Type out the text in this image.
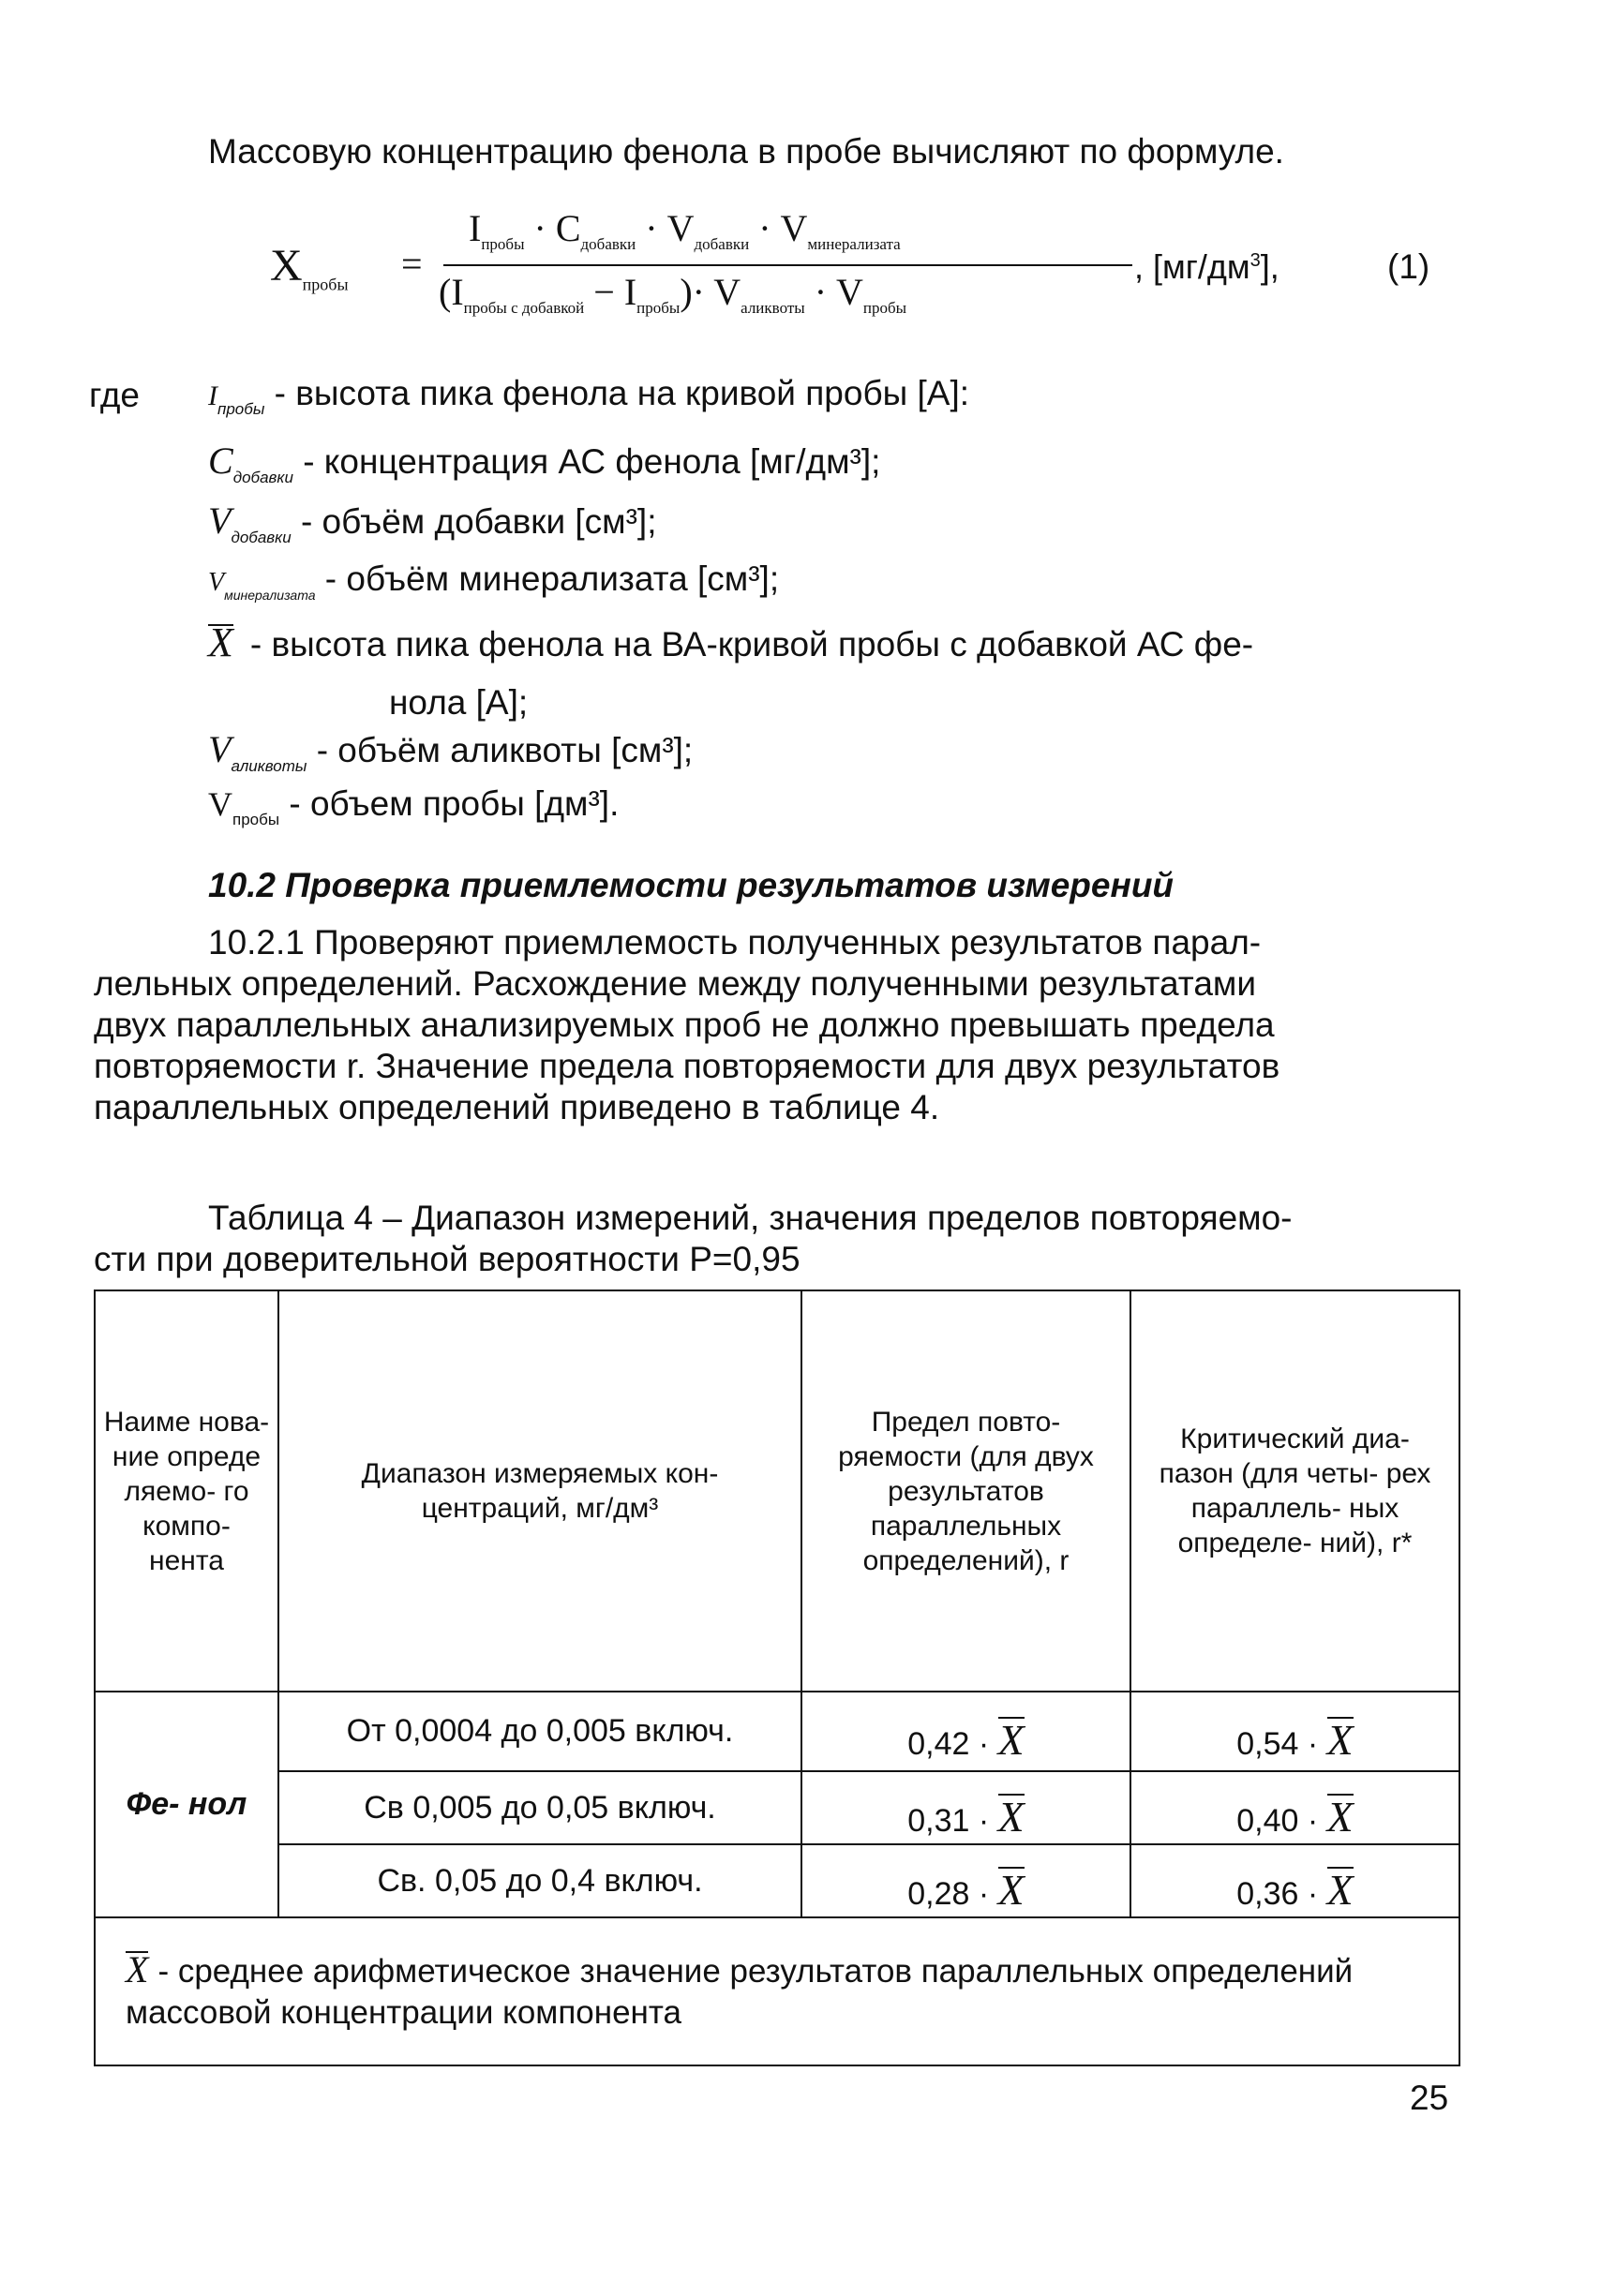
Массовую концентрацию фенола в пробе вычисляют по формуле.
$X_{пробы}$ =
$I_{пробы} \cdot C_{добавки} \cdot V_{добавки} \cdot V_{минерализата}$
$(I_{пробы с добавкой} - I_{пробы})\cdot V_{аликвоты} \cdot V_{пробы}$
, $[мг/дм^3]$,	(1)
где $I_{пробы}$ - высота пика фенола на кривой пробы [А]:
$C_{добавки}$ - концентрация АС фенола [мг/дм³];
$V_{добавки}$ - объём добавки [см³];
$V_{минерализата}$ - объём минерализата [см³];
X - высота пика фенола на ВА-кривой пробы с добавкой АС фе-
нола [А];
$V_{аликвоты}$ - объём аликвоты [см³];
$V_{пробы}$ - объем пробы [дм³].
10.2 Проверка приемлемости результатов измерений
10.2.1 Проверяют приемлемость полученных результатов парал-
лельных определений. Расхождение между полученными результатами
двух параллельных анализируемых проб не должно превышать предела
повторяемости r. Значение предела повторяемости для двух результатов
параллельных определений приведено в таблице 4.
Таблица 4 – Диапазон измерений, значения пределов повторяемо-
сти при доверительной вероятности Р=0,95
Наиме нова- ние опреде ляемо- го компо- нента	Диапазон измеряемых кон- центраций, мг/дм³	Предел повто- ряемости (для двух результатов параллельных определений), r	Критический диа- пазон (для четы- рех параллель- ных определе- ний), r*
Фе- нол	От 0,0004 до 0,005 включ.	0,42 · X	0,54 · X
	Св 0,005 до 0,05 включ.	0,31 · X	0,40 · X
	Св. 0,05 до 0,4 включ.	0,28 · X	0,36 · X
X - среднее арифметическое значение результатов параллельных определений массовой концентрации компонента			
25
